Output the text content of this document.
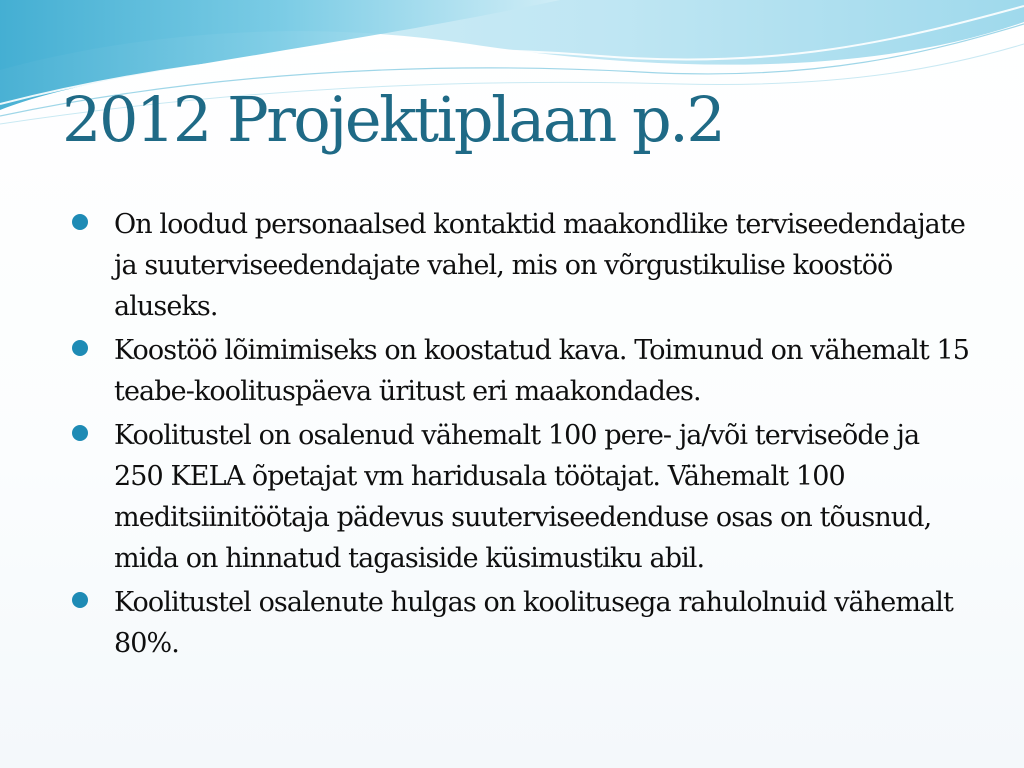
2012 Projektiplaan p.2
On loodud personaalsed kontaktid maakondlike terviseedendajate ja suuterviseedendajate vahel, mis on võrgustikulise koostöö aluseks.
Koostöö lõimimiseks on koostatud kava. Toimunud on vähemalt 15 teabe-koolituspäeva üritust eri maakondades.
Koolitustel on osalenud vähemalt 100 pere- ja/või terviseõde ja 250 KELA õpetajat vm haridusala töötajat. Vähemalt 100 meditsiinitöötaja pädevus suuterviseedenduse osas on tõusnud, mida on hinnatud tagasiside küsimustiku abil.
Koolitustel osalenute hulgas on koolitusega rahulolnuid vähemalt 80%.
